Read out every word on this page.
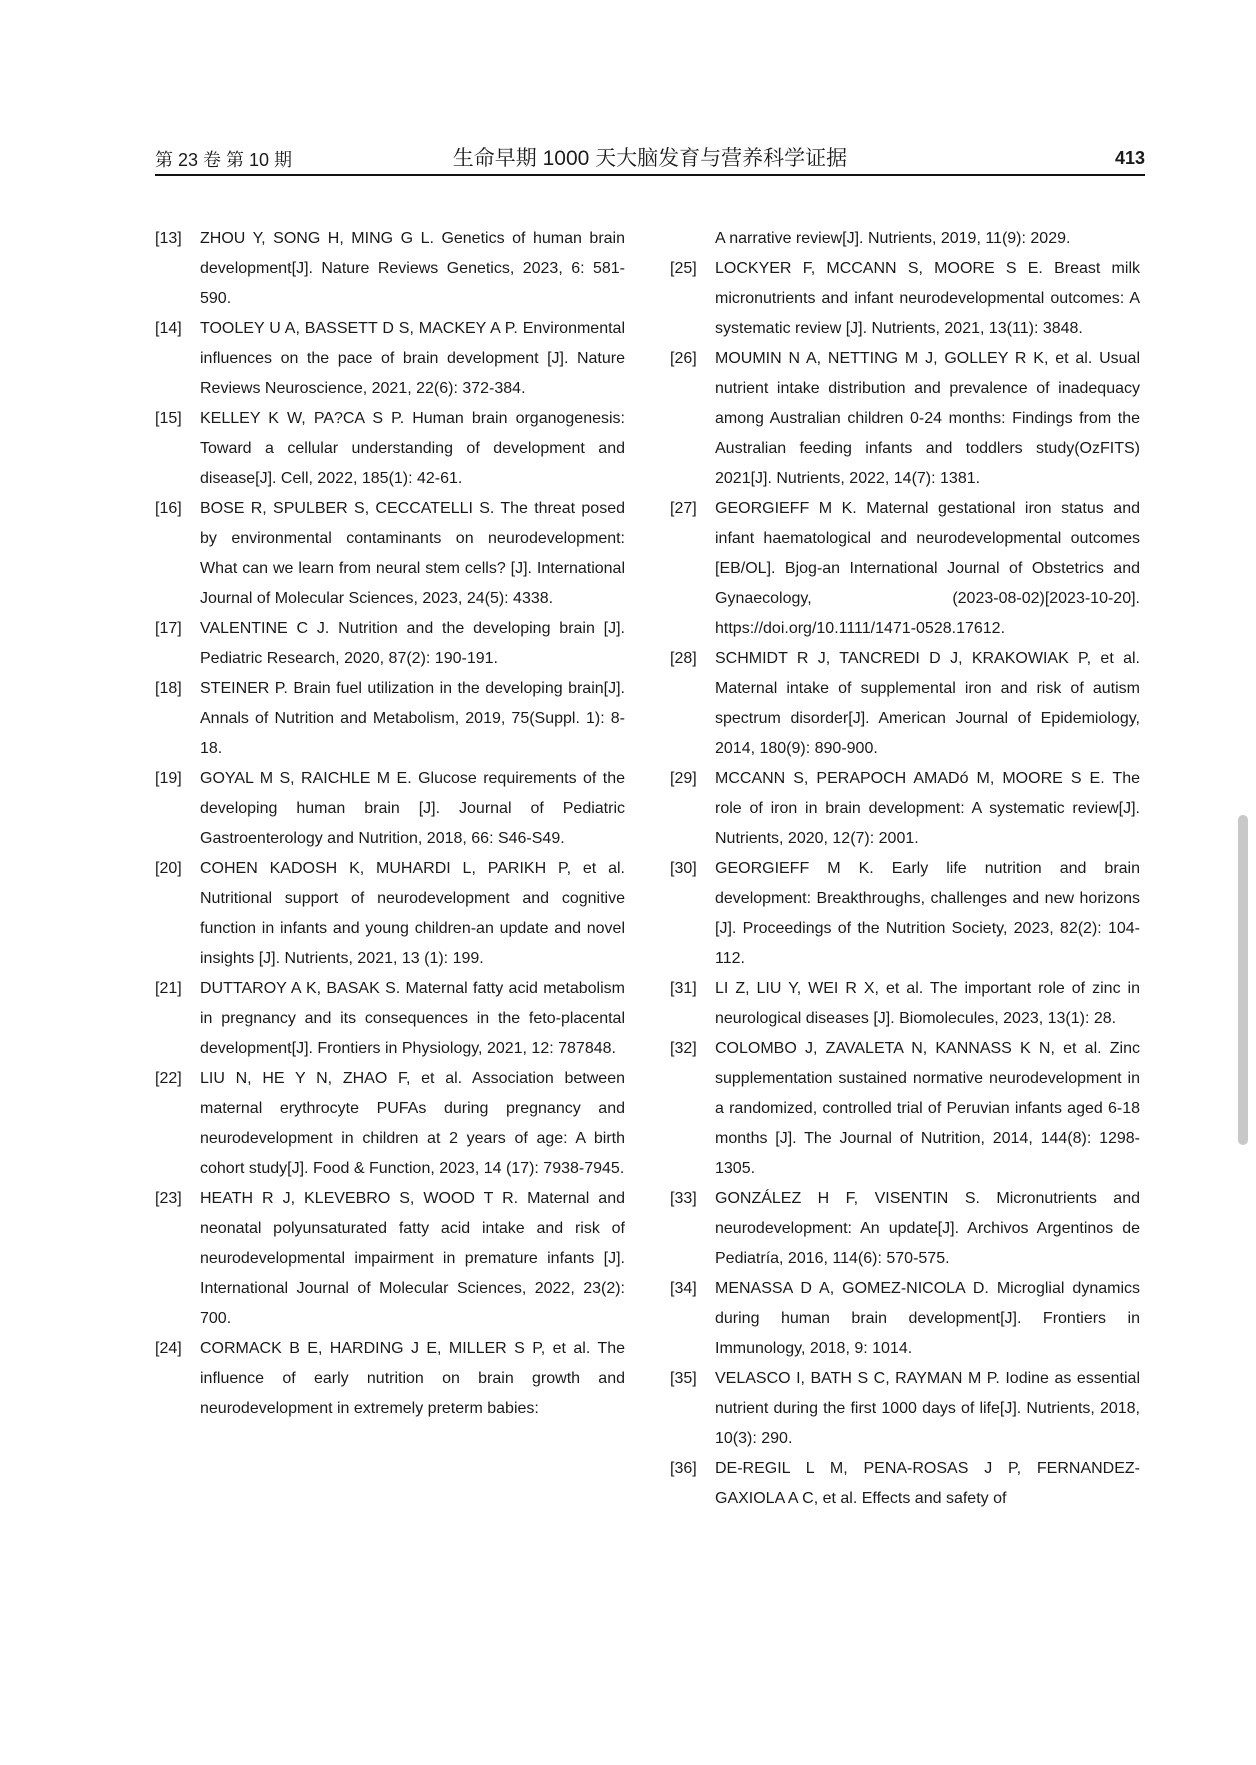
第 23 卷 第 10 期	生命早期 1000 天大脑发育与营养科学证据	413
[13]	ZHOU Y, SONG H, MING G L. Genetics of human brain development[J]. Nature Reviews Genetics, 2023, 6: 581-590.
[14]	TOOLEY U A, BASSETT D S, MACKEY A P. Environmental influences on the pace of brain development [J]. Nature Reviews Neuroscience, 2021, 22(6): 372-384.
[15]	KELLEY K W, PA?CA S P. Human brain organogenesis: Toward a cellular understanding of development and disease[J]. Cell, 2022, 185(1): 42-61.
[16]	BOSE R, SPULBER S, CECCATELLI S. The threat posed by environmental contaminants on neurodevelopment: What can we learn from neural stem cells? [J]. International Journal of Molecular Sciences, 2023, 24(5): 4338.
[17]	VALENTINE C J. Nutrition and the developing brain [J]. Pediatric Research, 2020, 87(2): 190-191.
[18]	STEINER P. Brain fuel utilization in the developing brain[J]. Annals of Nutrition and Metabolism, 2019, 75(Suppl. 1): 8-18.
[19]	GOYAL M S, RAICHLE M E. Glucose requirements of the developing human brain [J]. Journal of Pediatric Gastroenterology and Nutrition, 2018, 66: S46-S49.
[20]	COHEN KADOSH K, MUHARDI L, PARIKH P, et al. Nutritional support of neurodevelopment and cognitive function in infants and young children-an update and novel insights [J]. Nutrients, 2021, 13 (1): 199.
[21]	DUTTAROY A K, BASAK S. Maternal fatty acid metabolism in pregnancy and its consequences in the feto-placental development[J]. Frontiers in Physiology, 2021, 12: 787848.
[22]	LIU N, HE Y N, ZHAO F, et al. Association between maternal erythrocyte PUFAs during pregnancy and neurodevelopment in children at 2 years of age: A birth cohort study[J]. Food & Function, 2023, 14 (17): 7938-7945.
[23]	HEATH R J, KLEVEBRO S, WOOD T R. Maternal and neonatal polyunsaturated fatty acid intake and risk of neurodevelopmental impairment in premature infants [J]. International Journal of Molecular Sciences, 2022, 23(2): 700.
[24]	CORMACK B E, HARDING J E, MILLER S P, et al. The influence of early nutrition on brain growth and neurodevelopment in extremely preterm babies:
A narrative review[J]. Nutrients, 2019, 11(9): 2029.
[25]	LOCKYER F, MCCANN S, MOORE S E. Breast milk micronutrients and infant neurodevelopmental outcomes: A systematic review [J]. Nutrients, 2021, 13(11): 3848.
[26]	MOUMIN N A, NETTING M J, GOLLEY R K, et al. Usual nutrient intake distribution and prevalence of inadequacy among Australian children 0-24 months: Findings from the Australian feeding infants and toddlers study(OzFITS) 2021[J]. Nutrients, 2022, 14(7): 1381.
[27]	GEORGIEFF M K. Maternal gestational iron status and infant haematological and neurodevelopmental outcomes [EB/OL]. Bjog-an International Journal of Obstetrics and Gynaecology, (2023-08-02)[2023-10-20]. https://doi.org/10.1111/1471-0528.17612.
[28]	SCHMIDT R J, TANCREDI D J, KRAKOWIAK P, et al. Maternal intake of supplemental iron and risk of autism spectrum disorder[J]. American Journal of Epidemiology, 2014, 180(9): 890-900.
[29]	MCCANN S, PERAPOCH AMADó M, MOORE S E. The role of iron in brain development: A systematic review[J]. Nutrients, 2020, 12(7): 2001.
[30]	GEORGIEFF M K. Early life nutrition and brain development: Breakthroughs, challenges and new horizons [J]. Proceedings of the Nutrition Society, 2023, 82(2): 104-112.
[31]	LI Z, LIU Y, WEI R X, et al. The important role of zinc in neurological diseases [J]. Biomolecules, 2023, 13(1): 28.
[32]	COLOMBO J, ZAVALETA N, KANNASS K N, et al. Zinc supplementation sustained normative neurodevelopment in a randomized, controlled trial of Peruvian infants aged 6-18 months [J]. The Journal of Nutrition, 2014, 144(8): 1298-1305.
[33]	GONZÁLEZ H F, VISENTIN S. Micronutrients and neurodevelopment: An update[J]. Archivos Argentinos de Pediatría, 2016, 114(6): 570-575.
[34]	MENASSA D A, GOMEZ-NICOLA D. Microglial dynamics during human brain development[J]. Frontiers in Immunology, 2018, 9: 1014.
[35]	VELASCO I, BATH S C, RAYMAN M P. Iodine as essential nutrient during the first 1000 days of life[J]. Nutrients, 2018, 10(3): 290.
[36]	DE-REGIL L M, PENA-ROSAS J P, FERNANDEZ-GAXIOLA A C, et al. Effects and safety of
